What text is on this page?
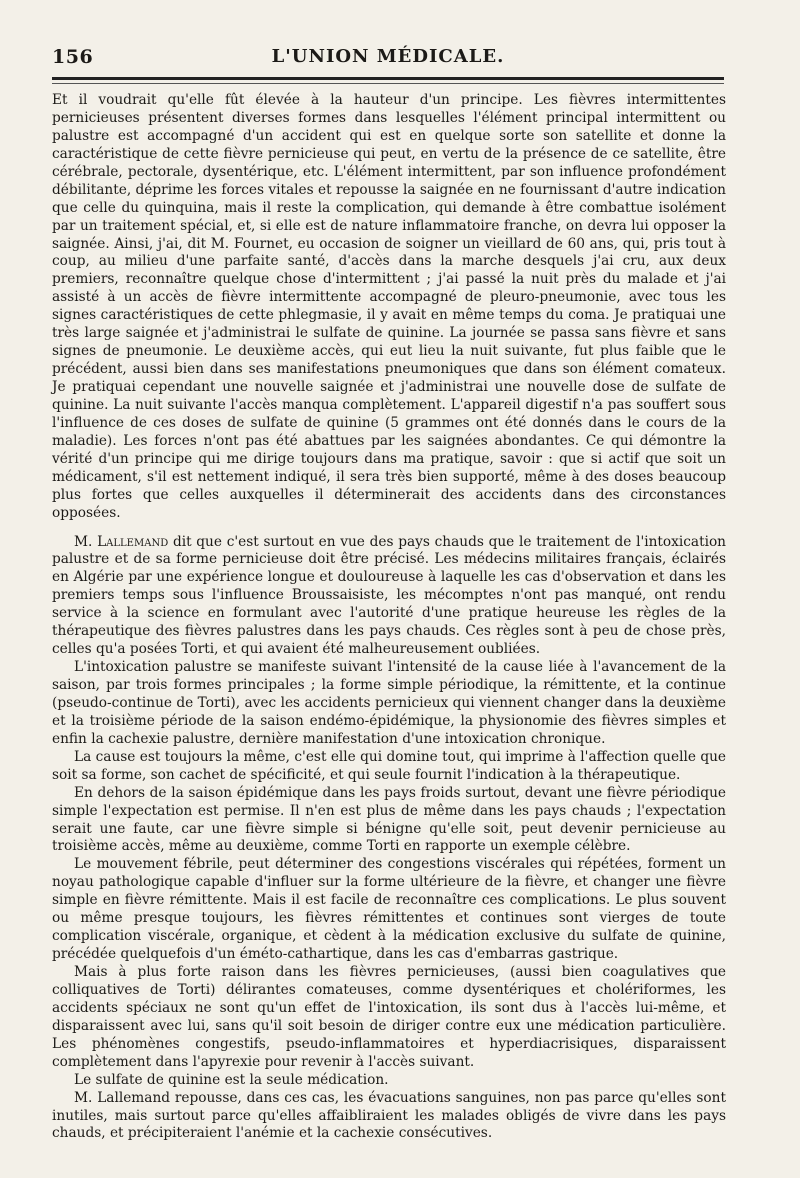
156	L'UNION MÉDICALE.

Et il voudrait qu'elle fût élevée à la hauteur d'un principe. Les fièvres intermittentes pernicieuses présentent diverses formes dans lesquelles l'élément principal intermittent ou palustre est accompagné d'un accident qui est en quelque sorte son satellite et donne la caractéristique de cette fièvre pernicieuse qui peut, en vertu de la présence de ce satellite, être cérébrale, pectorale, dysentérique, etc. L'élément intermittent, par son influence profondément débilitante, déprime les forces vitales et repousse la saignée en ne fournissant d'autre indication que celle du quinquina, mais il reste la complication, qui demande à être combattue isolément par un traitement spécial, et, si elle est de nature inflammatoire franche, on devra lui opposer la saignée. Ainsi, j'ai, dit M. Fournet, eu occasion de soigner un vieillard de 60 ans, qui, pris tout à coup, au milieu d'une parfaite santé, d'accès dans la marche desquels j'ai cru, aux deux premiers, reconnaître quelque chose d'intermittent ; j'ai passé la nuit près du malade et j'ai assisté à un accès de fièvre intermittente accompagné de pleuro-pneumonie, avec tous les signes caractéristiques de cette phlegmasie, il y avait en même temps du coma. Je pratiquai une très large saignée et j'administrai le sulfate de quinine. La journée se passa sans fièvre et sans signes de pneumonie. Le deuxième accès, qui eut lieu la nuit suivante, fut plus faible que le précédent, aussi bien dans ses manifestations pneumoniques que dans son élément comateux. Je pratiquai cependant une nouvelle saignée et j'administrai une nouvelle dose de sulfate de quinine. La nuit suivante l'accès manqua complètement. L'appareil digestif n'a pas souffert sous l'influence de ces doses de sulfate de quinine (5 grammes ont été donnés dans le cours de la maladie). Les forces n'ont pas été abattues par les saignées abondantes. Ce qui démontre la vérité d'un principe qui me dirige toujours dans ma pratique, savoir : que si actif que soit un médicament, s'il est nettement indiqué, il sera très bien supporté, même à des doses beaucoup plus fortes que celles auxquelles il déterminerait des accidents dans des circonstances opposées.

M. Lallemand dit que c'est surtout en vue des pays chauds que le traitement de l'intoxication palustre et de sa forme pernicieuse doit être précisé. Les médecins militaires français, éclairés en Algérie par une expérience longue et douloureuse à laquelle les cas d'observation et dans les premiers temps sous l'influence Broussaisiste, les mécomptes n'ont pas manqué, ont rendu service à la science en formulant avec l'autorité d'une pratique heureuse les règles de la thérapeutique des fièvres palustres dans les pays chauds. Ces règles sont à peu de chose près, celles qu'a posées Torti, et qui avaient été malheureusement oubliées.

L'intoxication palustre se manifeste suivant l'intensité de la cause liée à l'avancement de la saison, par trois formes principales ; la forme simple périodique, la rémittente, et la continue (pseudo-continue de Torti), avec les accidents pernicieux qui viennent changer dans la deuxième et la troisième période de la saison endémo-épidémique, la physionomie des fièvres simples et enfin la cachexie palustre, dernière manifestation d'une intoxication chronique.

La cause est toujours la même, c'est elle qui domine tout, qui imprime à l'affection quelle que soit sa forme, son cachet de spécificité, et qui seule fournit l'indication à la thérapeutique.

En dehors de la saison épidémique dans les pays froids surtout, devant une fièvre périodique simple l'expectation est permise. Il n'en est plus de même dans les pays chauds ; l'expectation serait une faute, car une fièvre simple si bénigne qu'elle soit, peut devenir pernicieuse au troisième accès, même au deuxième, comme Torti en rapporte un exemple célèbre.

Le mouvement fébrile, peut déterminer des congestions viscérales qui répétées, forment un noyau pathologique capable d'influer sur la forme ultérieure de la fièvre, et changer une fièvre simple en fièvre rémittente. Mais il est facile de reconnaître ces complications. Le plus souvent ou même presque toujours, les fièvres rémittentes et continues sont vierges de toute complication viscérale, organique, et cèdent à la médication exclusive du sulfate de quinine, précédée quelquefois d'un éméto-cathartique, dans les cas d'embarras gastrique.

Mais à plus forte raison dans les fièvres pernicieuses, (aussi bien coagulatives que colliquatives de Torti) délirantes comateuses, comme dysentériques et cholériformes, les accidents spéciaux ne sont qu'un effet de l'intoxication, ils sont dus à l'accès lui-même, et disparaissent avec lui, sans qu'il soit besoin de diriger contre eux une médication particulière. Les phénomènes congestifs, pseudo-inflammatoires et hyperdiacrisiques, disparaissent complètement dans l'apyrexie pour revenir à l'accès suivant.

Le sulfate de quinine est la seule médication.

M. Lallemand repousse, dans ces cas, les évacuations sanguines, non pas parce qu'elles sont inutiles, mais surtout parce qu'elles affaibliraient les malades obligés de vivre dans les pays chauds, et précipiteraient l'anémie et la cachexie consécutives.
